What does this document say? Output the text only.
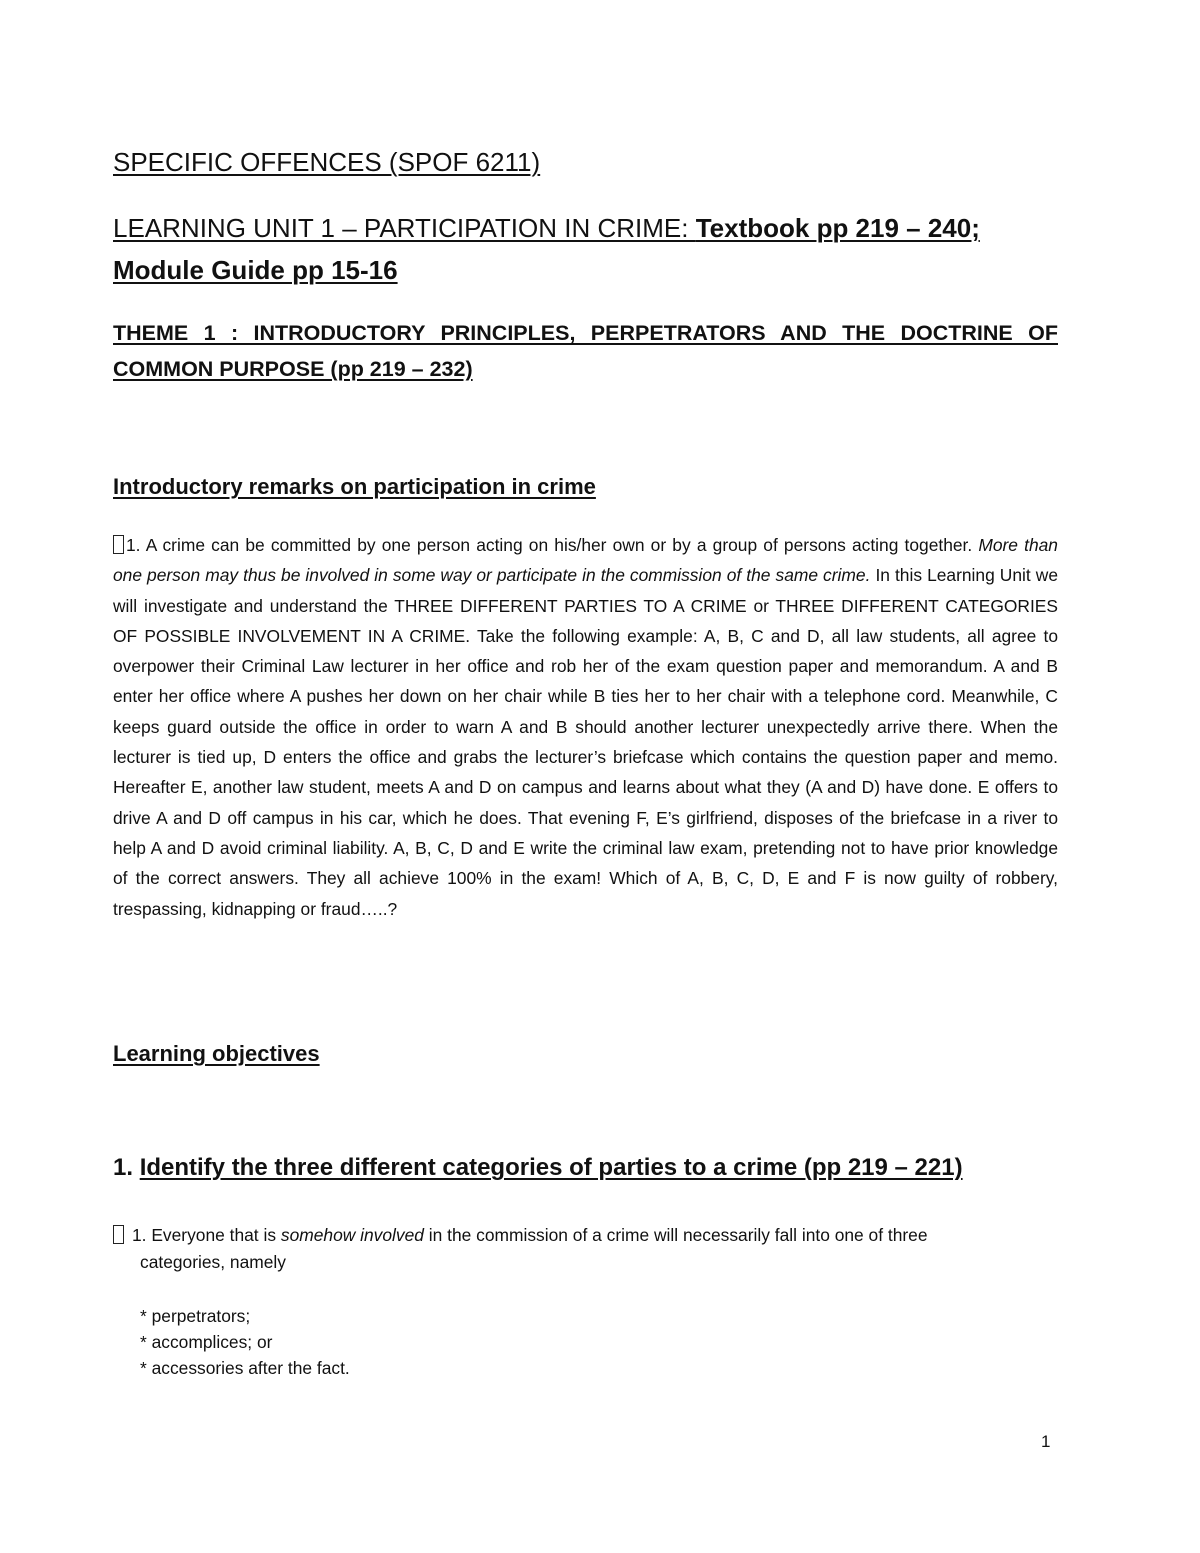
SPECIFIC OFFENCES (SPOF 6211)

LEARNING UNIT 1 – PARTICIPATION IN CRIME: Textbook pp 219 – 240; Module Guide pp 15-16

THEME 1 : INTRODUCTORY PRINCIPLES, PERPETRATORS AND THE DOCTRINE OF COMMON PURPOSE (pp 219 – 232)

Introductory remarks on participation in crime

1. A crime can be committed by one person acting on his/her own or by a group of persons acting together. More than one person may thus be involved in some way or participate in the commission of the same crime. In this Learning Unit we will investigate and understand the THREE DIFFERENT PARTIES TO A CRIME or THREE DIFFERENT CATEGORIES OF POSSIBLE INVOLVEMENT IN A CRIME. Take the following example: A, B, C and D, all law students, all agree to overpower their Criminal Law lecturer in her office and rob her of the exam question paper and memorandum. A and B enter her office where A pushes her down on her chair while B ties her to her chair with a telephone cord. Meanwhile, C keeps guard outside the office in order to warn A and B should another lecturer unexpectedly arrive there. When the lecturer is tied up, D enters the office and grabs the lecturer’s briefcase which contains the question paper and memo. Hereafter E, another law student, meets A and D on campus and learns about what they (A and D) have done. E offers to drive A and D off campus in his car, which he does. That evening F, E’s girlfriend, disposes of the briefcase in a river to help A and D avoid criminal liability. A, B, C, D and E write the criminal law exam, pretending not to have prior knowledge of the correct answers. They all achieve 100% in the exam! Which of A, B, C, D, E and F is now guilty of robbery, trespassing, kidnapping or fraud…..?

Learning objectives

1. Identify the three different categories of parties to a crime (pp 219 – 221)

1. Everyone that is somehow involved in the commission of a crime will necessarily fall into one of three
categories, namely

* perpetrators;
* accomplices; or
* accessories after the fact.
1
